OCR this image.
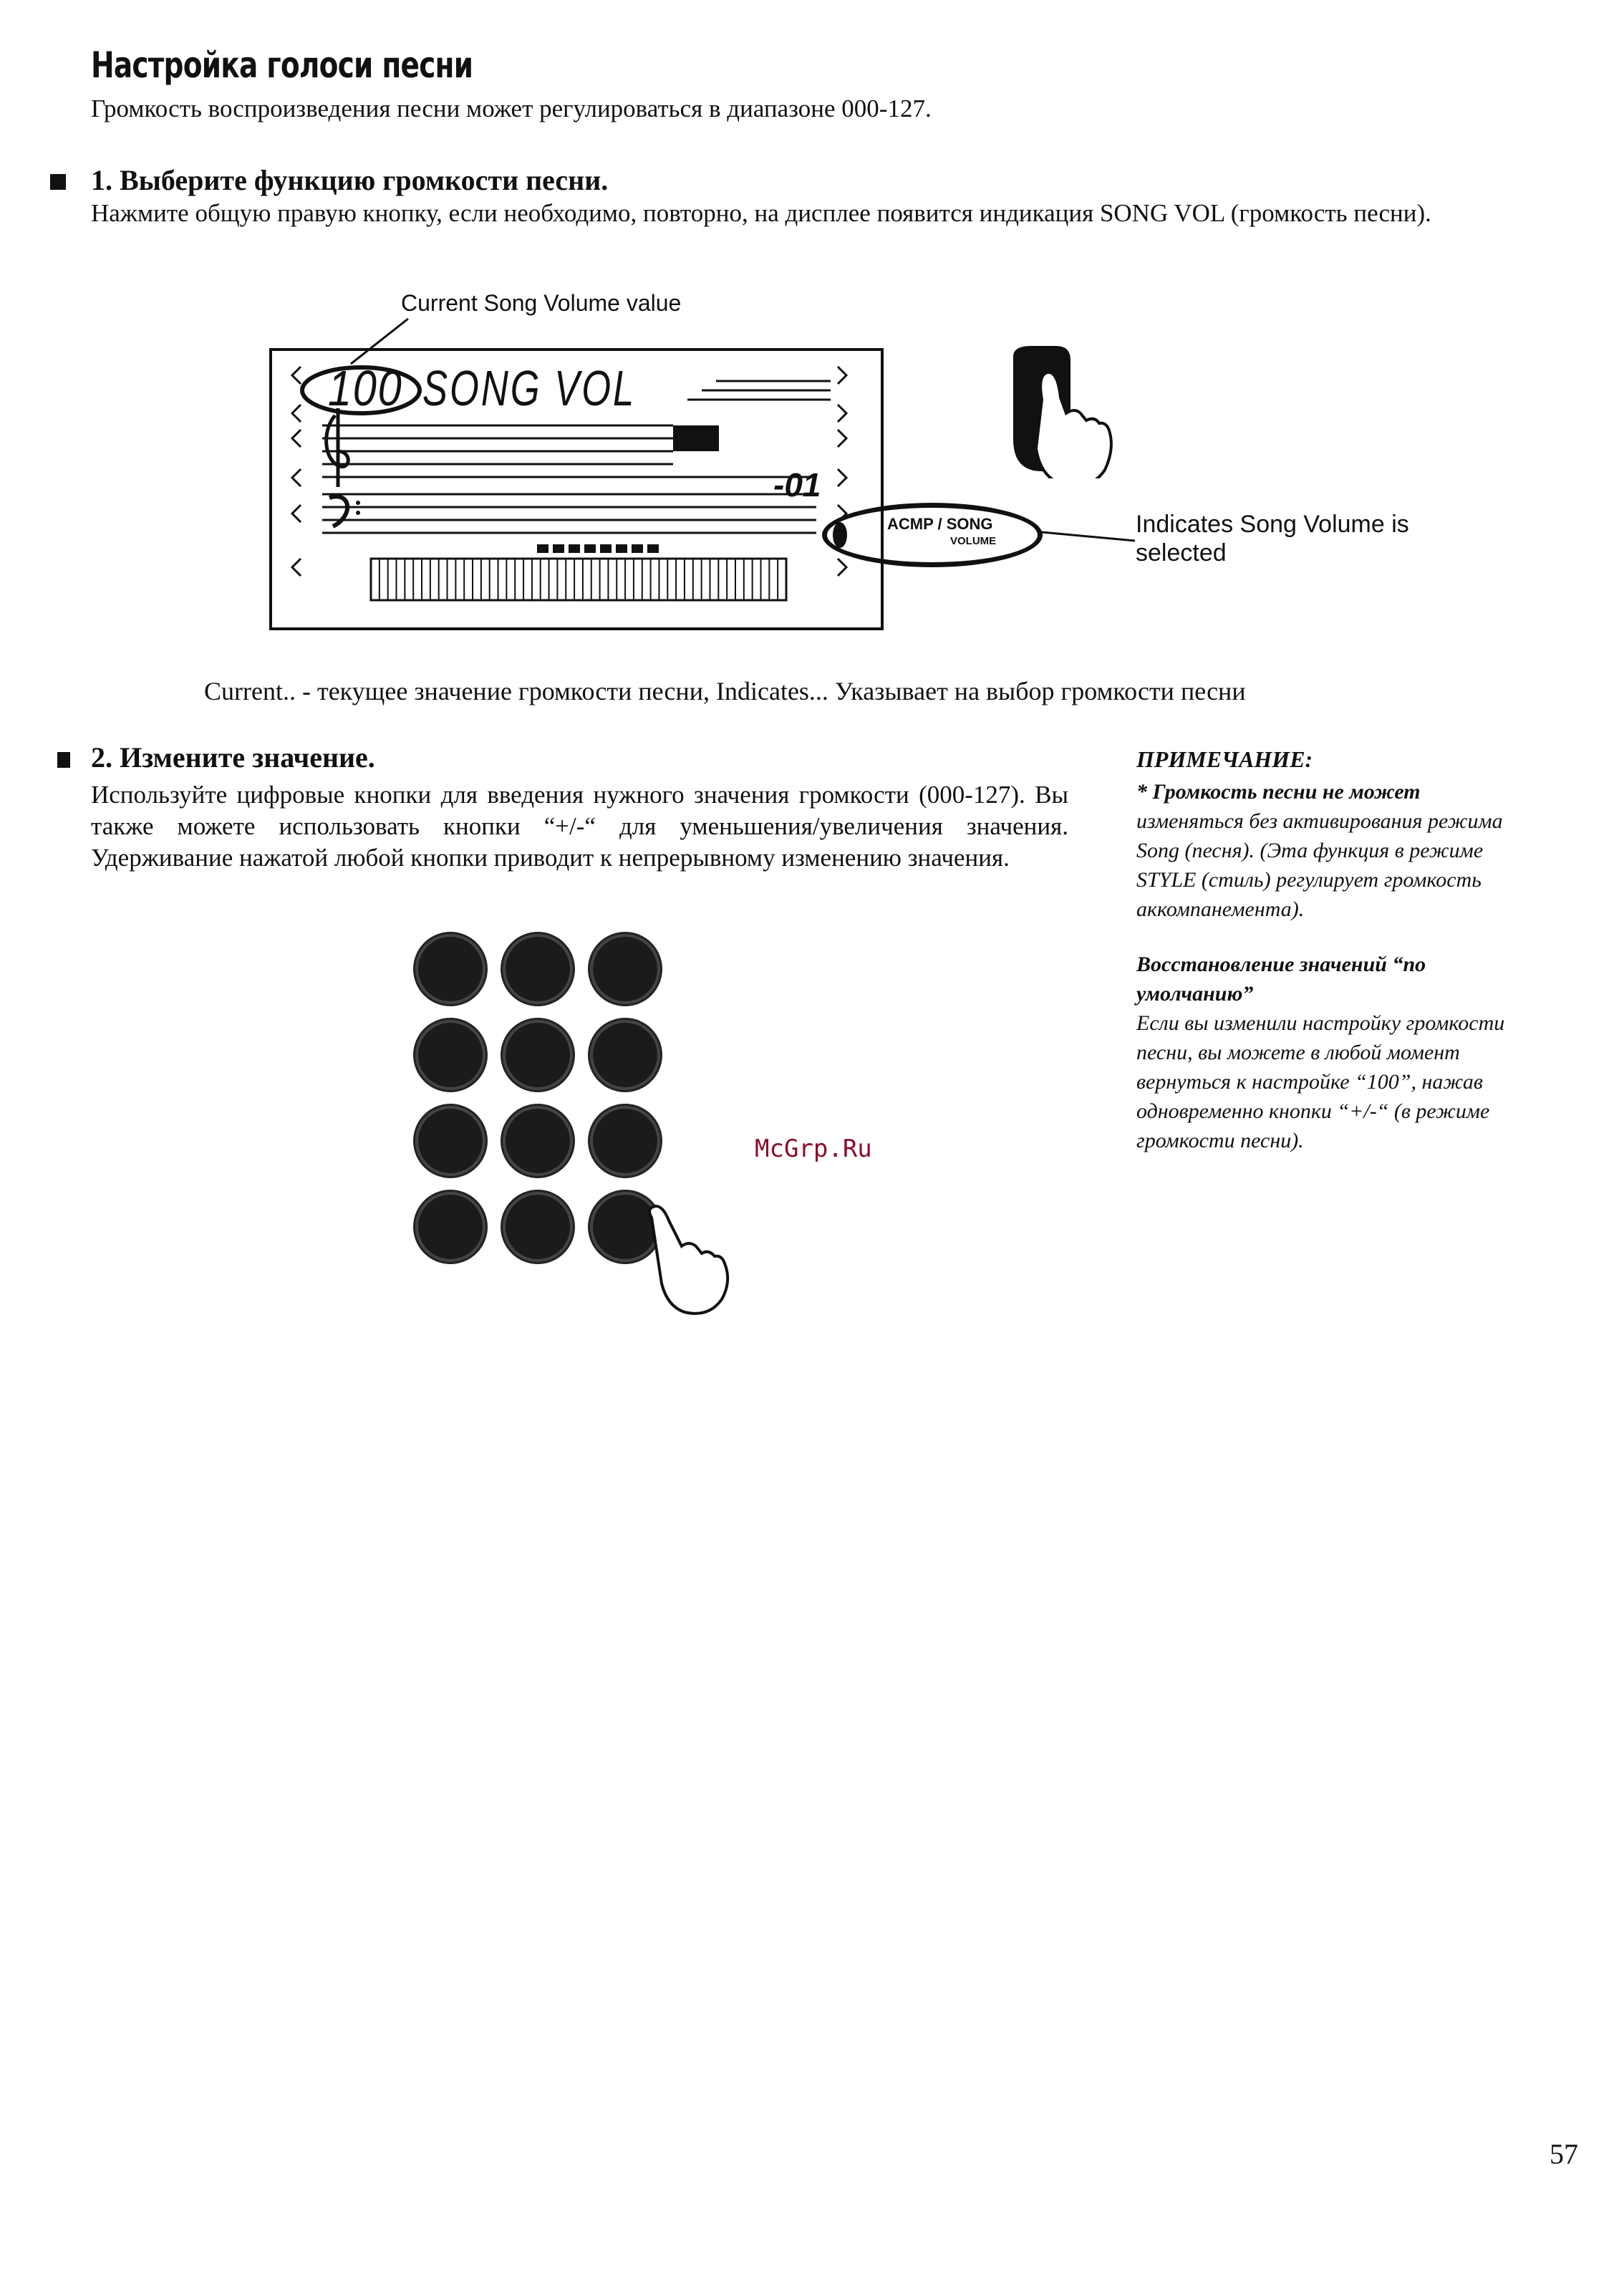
Настройка голоси песни
Громкость воспроизведения песни может регулироваться в диапазоне 000-127.
1. Выберите функцию громкости песни.
Нажмите общую правую кнопку, если необходимо, повторно, на дисплее появится индикация SONG VOL (громкость песни).
Current Song Volume value
100 SONG VOL
-01
ACMP / SONG
VOLUME
Indicates Song Volume is
selected
Current.. - текущее значение громкости песни, Indicates... Указывает на выбор громкости песни
2. Измените значение.
Используйте цифровые кнопки для введения нужного значения громкости (000-127). Вы также можете использовать кнопки “+/-“ для уменьшения/увеличения значения. Удерживание нажатой любой кнопки приводит к непрерывному изменению значения.
McGrp.Ru
ПРИМЕЧАНИЕ:
* Громкость песни не может
изменяться без активирования режима Song (песня). (Эта функция в режиме STYLE (стиль) регулирует громкость аккомпанемента).
Восстановление значений “по умолчанию”
Если вы изменили настройку громкости песни, вы можете в любой момент вернуться к настройке “100”, нажав одновременно кнопки “+/-“ (в режиме громкости песни).
57
